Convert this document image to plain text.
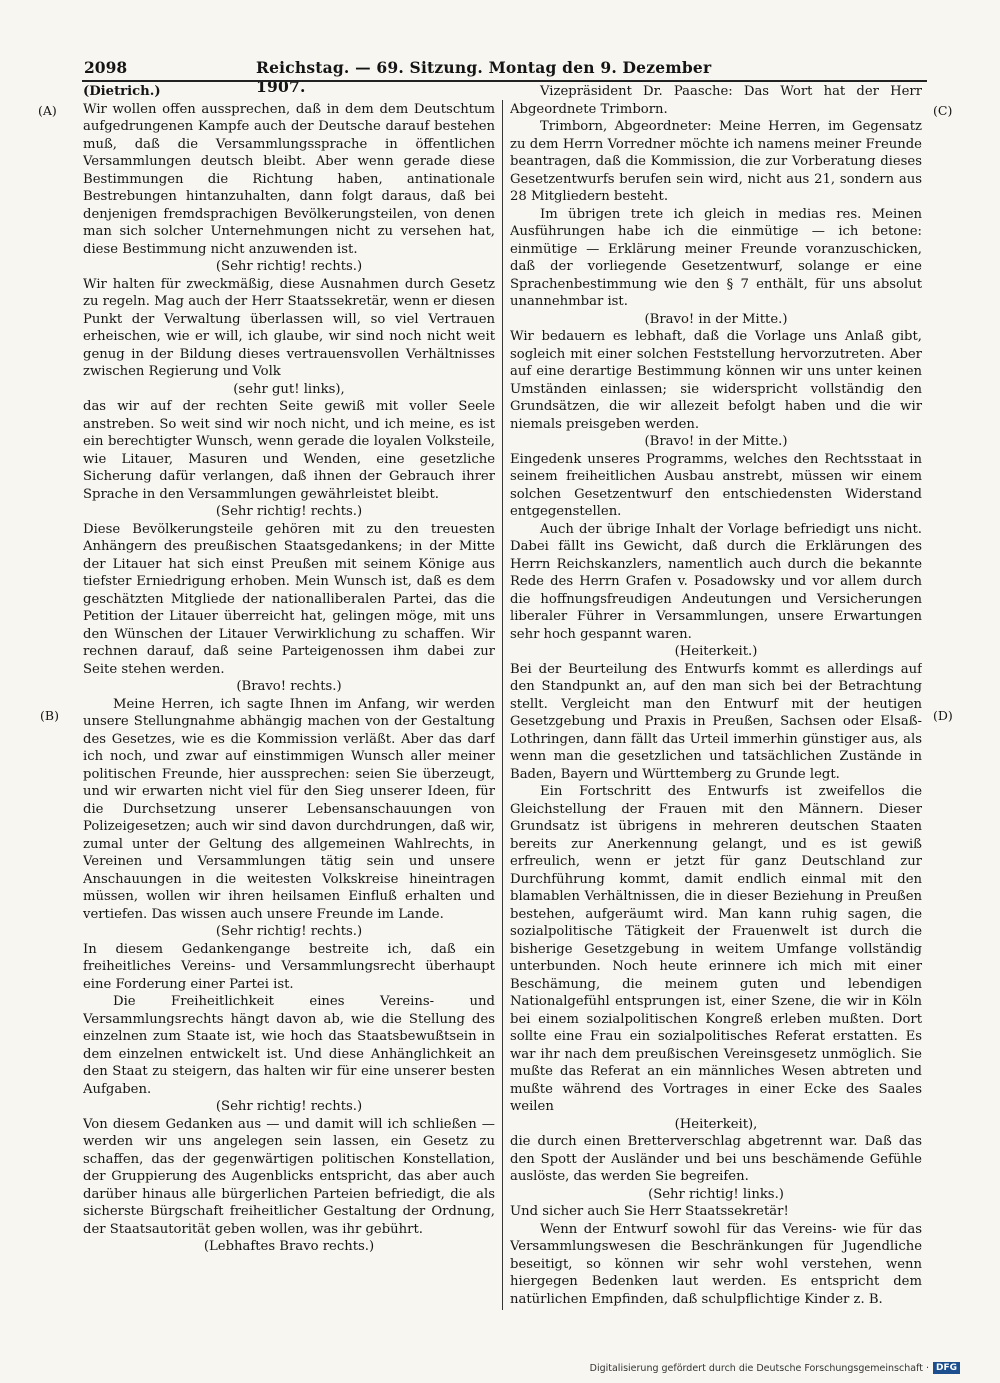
2098	Reichstag. — 69. Sitzung. Montag den 9. Dezember 1907.
(A)
(B)
(C)
(D)

(Dietrich.)

Wir wollen offen aussprechen, daß in dem dem Deutschtum aufgedrungenen Kampfe auch der Deutsche darauf bestehen muß, daß die Versammlungssprache in öffentlichen Versammlungen deutsch bleibt. Aber wenn gerade diese Bestimmungen die Richtung haben, antinationale Bestrebungen hintanzuhalten, dann folgt daraus, daß bei denjenigen fremdsprachigen Bevölkerungsteilen, von denen man sich solcher Unternehmungen nicht zu versehen hat, diese Bestimmung nicht anzuwenden ist.

(Sehr richtig! rechts.)

Wir halten für zweckmäßig, diese Ausnahmen durch Gesetz zu regeln. Mag auch der Herr Staatssekretär, wenn er diesen Punkt der Verwaltung überlassen will, so viel Vertrauen erheischen, wie er will, ich glaube, wir sind noch nicht weit genug in der Bildung dieses vertrauensvollen Verhältnisses zwischen Regierung und Volk

(sehr gut! links),

das wir auf der rechten Seite gewiß mit voller Seele anstreben. So weit sind wir noch nicht, und ich meine, es ist ein berechtigter Wunsch, wenn gerade die loyalen Volksteile, wie Litauer, Masuren und Wenden, eine gesetzliche Sicherung dafür verlangen, daß ihnen der Gebrauch ihrer Sprache in den Versammlungen gewährleistet bleibt.

(Sehr richtig! rechts.)

Diese Bevölkerungsteile gehören mit zu den treuesten Anhängern des preußischen Staatsgedankens; in der Mitte der Litauer hat sich einst Preußen mit seinem Könige aus tiefster Erniedrigung erhoben. Mein Wunsch ist, daß es dem geschätzten Mitgliede der nationalliberalen Partei, das die Petition der Litauer überreicht hat, gelingen möge, mit uns den Wünschen der Litauer Verwirklichung zu schaffen. Wir rechnen darauf, daß seine Parteigenossen ihm dabei zur Seite stehen werden.

(Bravo! rechts.)

Meine Herren, ich sagte Ihnen im Anfang, wir werden unsere Stellungnahme abhängig machen von der Gestaltung des Gesetzes, wie es die Kommission verläßt. Aber das darf ich noch, und zwar auf einstimmigen Wunsch aller meiner politischen Freunde, hier aussprechen: seien Sie überzeugt, und wir erwarten nicht viel für den Sieg unserer Ideen, für die Durchsetzung unserer Lebensanschauungen von Polizeigesetzen; auch wir sind davon durchdrungen, daß wir, zumal unter der Geltung des allgemeinen Wahlrechts, in Vereinen und Versammlungen tätig sein und unsere Anschauungen in die weitesten Volkskreise hineintragen müssen, wollen wir ihren heilsamen Einfluß erhalten und vertiefen. Das wissen auch unsere Freunde im Lande.

(Sehr richtig! rechts.)

In diesem Gedankengange bestreite ich, daß ein freiheitliches Vereins- und Versammlungsrecht überhaupt eine Forderung einer Partei ist.

Die Freiheitlichkeit eines Vereins- und Versammlungsrechts hängt davon ab, wie die Stellung des einzelnen zum Staate ist, wie hoch das Staatsbewußtsein in dem einzelnen entwickelt ist. Und diese Anhänglichkeit an den Staat zu steigern, das halten wir für eine unserer besten Aufgaben.

(Sehr richtig! rechts.)

Von diesem Gedanken aus — und damit will ich schließen — werden wir uns angelegen sein lassen, ein Gesetz zu schaffen, das der gegenwärtigen politischen Konstellation, der Gruppierung des Augenblicks entspricht, das aber auch darüber hinaus alle bürgerlichen Parteien befriedigt, die als sicherste Bürgschaft freiheitlicher Gestaltung der Ordnung, der Staatsautorität geben wollen, was ihr gebührt.

(Lebhaftes Bravo rechts.)

Vizepräsident Dr. Paasche: Das Wort hat der Herr Abgeordnete Trimborn.

Trimborn, Abgeordneter: Meine Herren, im Gegensatz zu dem Herrn Vorredner möchte ich namens meiner Freunde beantragen, daß die Kommission, die zur Vorberatung dieses Gesetzentwurfs berufen sein wird, nicht aus 21, sondern aus 28 Mitgliedern besteht.

Im übrigen trete ich gleich in medias res. Meinen Ausführungen habe ich die einmütige — ich betone: einmütige — Erklärung meiner Freunde voranzuschicken, daß der vorliegende Gesetzentwurf, solange er eine Sprachenbestimmung wie den § 7 enthält, für uns absolut unannehmbar ist.

(Bravo! in der Mitte.)

Wir bedauern es lebhaft, daß die Vorlage uns Anlaß gibt, sogleich mit einer solchen Feststellung hervorzutreten. Aber auf eine derartige Bestimmung können wir uns unter keinen Umständen einlassen; sie widerspricht vollständig den Grundsätzen, die wir allezeit befolgt haben und die wir niemals preisgeben werden.

(Bravo! in der Mitte.)

Eingedenk unseres Programms, welches den Rechtsstaat in seinem freiheitlichen Ausbau anstrebt, müssen wir einem solchen Gesetzentwurf den entschiedensten Widerstand entgegenstellen.

Auch der übrige Inhalt der Vorlage befriedigt uns nicht. Dabei fällt ins Gewicht, daß durch die Erklärungen des Herrn Reichskanzlers, namentlich auch durch die bekannte Rede des Herrn Grafen v. Posadowsky und vor allem durch die hoffnungsfreudigen Andeutungen und Versicherungen liberaler Führer in Versammlungen, unsere Erwartungen sehr hoch gespannt waren.

(Heiterkeit.)

Bei der Beurteilung des Entwurfs kommt es allerdings auf den Standpunkt an, auf den man sich bei der Betrachtung stellt. Vergleicht man den Entwurf mit der heutigen Gesetzgebung und Praxis in Preußen, Sachsen oder Elsaß-Lothringen, dann fällt das Urteil immerhin günstiger aus, als wenn man die gesetzlichen und tatsächlichen Zustände in Baden, Bayern und Württemberg zu Grunde legt.

Ein Fortschritt des Entwurfs ist zweifellos die Gleichstellung der Frauen mit den Männern. Dieser Grundsatz ist übrigens in mehreren deutschen Staaten bereits zur Anerkennung gelangt, und es ist gewiß erfreulich, wenn er jetzt für ganz Deutschland zur Durchführung kommt, damit endlich einmal mit den blamablen Verhältnissen, die in dieser Beziehung in Preußen bestehen, aufgeräumt wird. Man kann ruhig sagen, die sozialpolitische Tätigkeit der Frauenwelt ist durch die bisherige Gesetzgebung in weitem Umfange vollständig unterbunden. Noch heute erinnere ich mich mit einer Beschämung, die meinem guten und lebendigen Nationalgefühl entsprungen ist, einer Szene, die wir in Köln bei einem sozialpolitischen Kongreß erleben mußten. Dort sollte eine Frau ein sozialpolitisches Referat erstatten. Es war ihr nach dem preußischen Vereinsgesetz unmöglich. Sie mußte das Referat an ein männliches Wesen abtreten und mußte während des Vortrages in einer Ecke des Saales weilen

(Heiterkeit),

die durch einen Bretterverschlag abgetrennt war. Daß das den Spott der Ausländer und bei uns beschämende Gefühle auslöste, das werden Sie begreifen.

(Sehr richtig! links.)

Und sicher auch Sie Herr Staatssekretär!

Wenn der Entwurf sowohl für das Vereins- wie für das Versammlungswesen die Beschränkungen für Jugendliche beseitigt, so können wir sehr wohl verstehen, wenn hiergegen Bedenken laut werden. Es entspricht dem natürlichen Empfinden, daß schulpflichtige Kinder z. B.

Digitalisierung gefördert durch die Deutsche Forschungsgemeinschaft · DFG
